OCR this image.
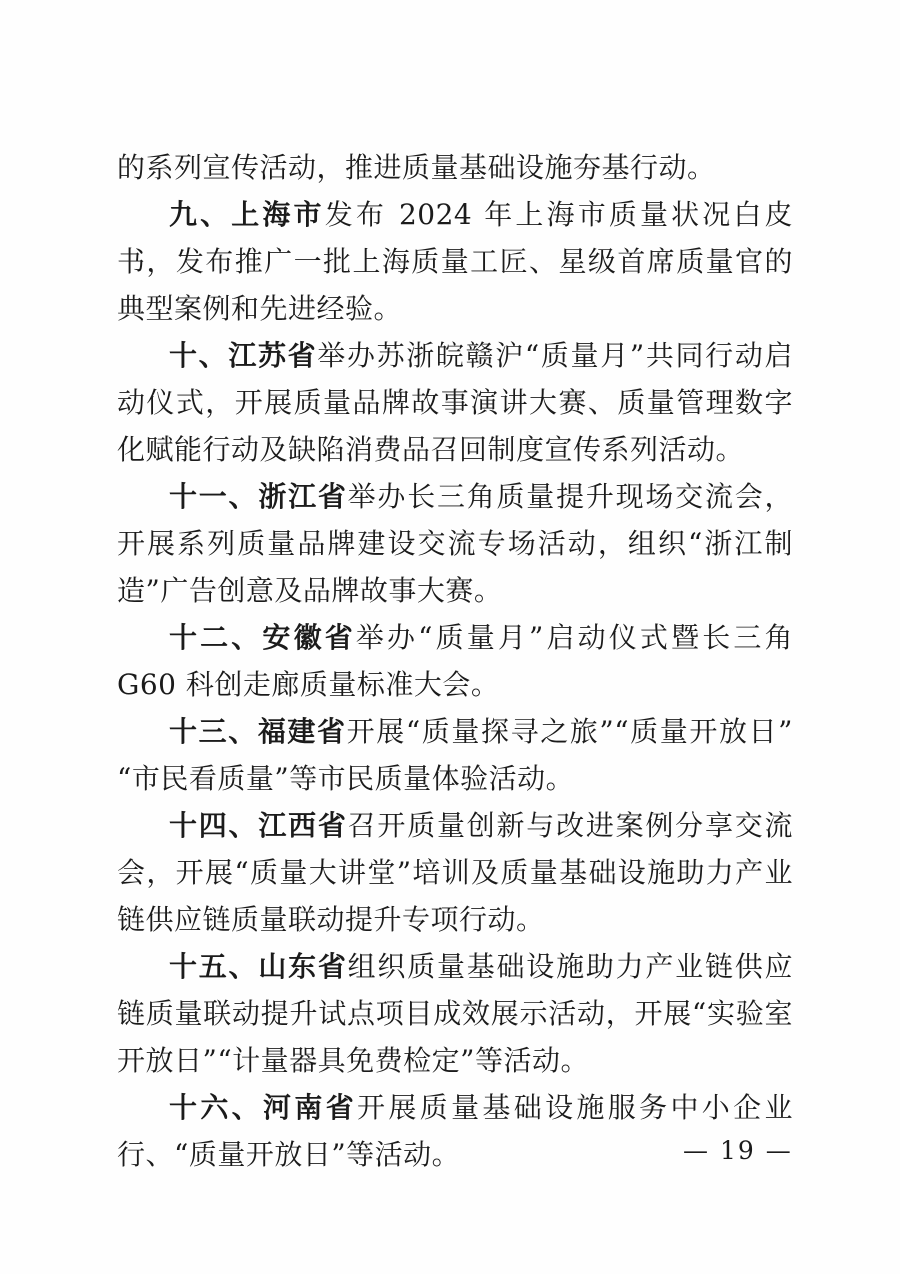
的系列宣传活动，推进质量基础设施夯基行动。

九、上海市发布 2024 年上海市质量状况白皮书，发布推广一批上海质量工匠、星级首席质量官的典型案例和先进经验。

十、江苏省举办苏浙皖赣沪“质量月”共同行动启动仪式，开展质量品牌故事演讲大赛、质量管理数字化赋能行动及缺陷消费品召回制度宣传系列活动。

十一、浙江省举办长三角质量提升现场交流会，开展系列质量品牌建设交流专场活动，组织“浙江制造”广告创意及品牌故事大赛。

十二、安徽省举办“质量月”启动仪式暨长三角 G60 科创走廊质量标准大会。

十三、福建省开展“质量探寻之旅”“质量开放日”“市民看质量”等市民质量体验活动。

十四、江西省召开质量创新与改进案例分享交流会，开展“质量大讲堂”培训及质量基础设施助力产业链供应链质量联动提升专项行动。

十五、山东省组织质量基础设施助力产业链供应链质量联动提升试点项目成效展示活动，开展“实验室开放日”“计量器具免费检定”等活动。

十六、河南省开展质量基础设施服务中小企业行、“质量开放日”等活动。	— 19 —
